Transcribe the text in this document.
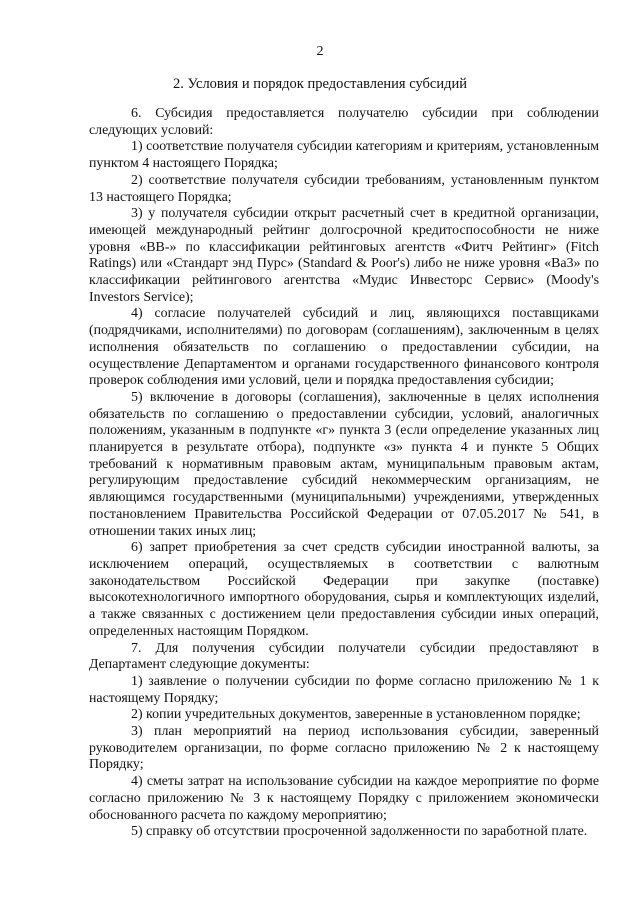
2
2. Условия и порядок предоставления субсидий

6. Субсидия предоставляется получателю субсидии при соблюдении следующих условий:

1) соответствие получателя субсидии категориям и критериям, установленным пунктом 4 настоящего Порядка;

2) соответствие получателя субсидии требованиям, установленным пунктом 13 настоящего Порядка;

3) у получателя субсидии открыт расчетный счет в кредитной организации, имеющей международный рейтинг долгосрочной кредитоспособности не ниже уровня «BB-» по классификации рейтинговых агентств «Фитч Рейтинг» (Fitch Ratings) или «Стандарт энд Пурс» (Standard & Poor's) либо не ниже уровня «Ba3» по классификации рейтингового агентства «Мудис Инвесторс Сервис» (Moody's Investors Service);

4) согласие получателей субсидий и лиц, являющихся поставщиками (подрядчиками, исполнителями) по договорам (соглашениям), заключенным в целях исполнения обязательств по соглашению о предоставлении субсидии, на осуществление Департаментом и органами государственного финансового контроля проверок соблюдения ими условий, цели и порядка предоставления субсидии;

5) включение в договоры (соглашения), заключенные в целях исполнения обязательств по соглашению о предоставлении субсидии, условий, аналогичных положениям, указанным в подпункте «г» пункта 3 (если определение указанных лиц планируется в результате отбора), подпункте «з» пункта 4 и пункте 5 Общих требований к нормативным правовым актам, муниципальным правовым актам, регулирующим предоставление субсидий некоммерческим организациям, не являющимся государственными (муниципальными) учреждениями, утвержденных постановлением Правительства Российской Федерации от 07.05.2017 № 541, в отношении таких иных лиц;

6) запрет приобретения за счет средств субсидии иностранной валюты, за исключением операций, осуществляемых в соответствии с валютным законодательством Российской Федерации при закупке (поставке) высокотехнологичного импортного оборудования, сырья и комплектующих изделий, а также связанных с достижением цели предоставления субсидии иных операций, определенных настоящим Порядком.

7. Для получения субсидии получатели субсидии предоставляют в Департамент следующие документы:

1) заявление о получении субсидии по форме согласно приложению № 1 к настоящему Порядку;

2) копии учредительных документов, заверенные в установленном порядке;

3) план мероприятий на период использования субсидии, заверенный руководителем организации, по форме согласно приложению № 2 к настоящему Порядку;

4) сметы затрат на использование субсидии на каждое мероприятие по форме согласно приложению № 3 к настоящему Порядку с приложением экономически обоснованного расчета по каждому мероприятию;

5) справку об отсутствии просроченной задолженности по заработной плате.
